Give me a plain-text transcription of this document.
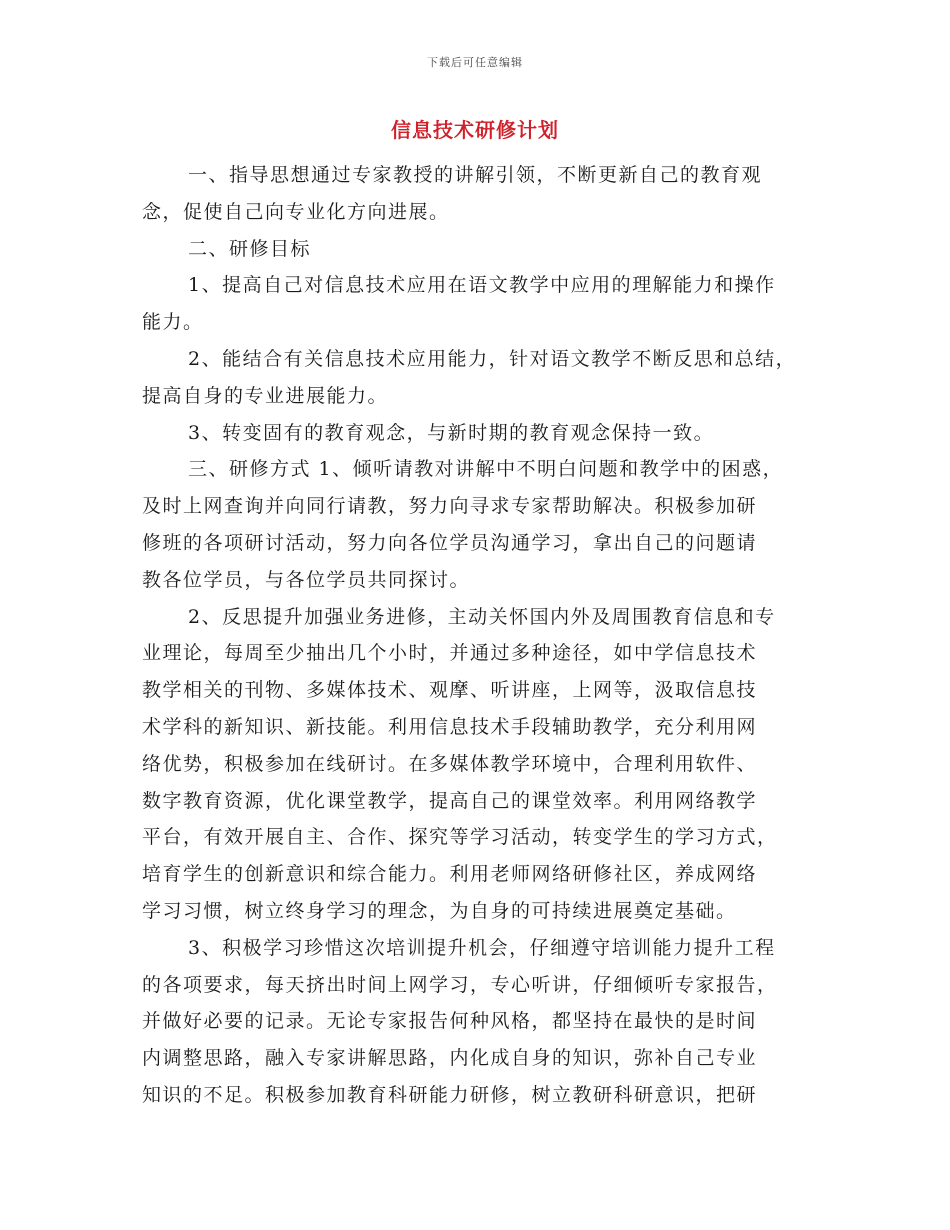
下载后可任意编辑
信息技术研修计划
一、指导思想通过专家教授的讲解引领，不断更新自己的教育观
念，促使自己向专业化方向进展。
二、研修目标
1、提高自己对信息技术应用在语文教学中应用的理解能力和操作
能力。
2、能结合有关信息技术应用能力，针对语文教学不断反思和总结，
提高自身的专业进展能力。
3、转变固有的教育观念，与新时期的教育观念保持一致。
三、研修方式 1、倾听请教对讲解中不明白问题和教学中的困惑，
及时上网查询并向同行请教，努力向寻求专家帮助解决。积极参加研
修班的各项研讨活动，努力向各位学员沟通学习，拿出自己的问题请
教各位学员，与各位学员共同探讨。
2、反思提升加强业务进修，主动关怀国内外及周围教育信息和专
业理论，每周至少抽出几个小时，并通过多种途径，如中学信息技术
教学相关的刊物、多媒体技术、观摩、听讲座，上网等，汲取信息技
术学科的新知识、新技能。利用信息技术手段辅助教学，充分利用网
络优势，积极参加在线研讨。在多媒体教学环境中，合理利用软件、
数字教育资源，优化课堂教学，提高自己的课堂效率。利用网络教学
平台，有效开展自主、合作、探究等学习活动，转变学生的学习方式，
培育学生的创新意识和综合能力。利用老师网络研修社区，养成网络
学习习惯，树立终身学习的理念，为自身的可持续进展奠定基础。
3、积极学习珍惜这次培训提升机会，仔细遵守培训能力提升工程
的各项要求，每天挤出时间上网学习，专心听讲，仔细倾听专家报告，
并做好必要的记录。无论专家报告何种风格，都坚持在最快的是时间
内调整思路，融入专家讲解思路，内化成自身的知识，弥补自己专业
知识的不足。积极参加教育科研能力研修，树立教研科研意识，把研
